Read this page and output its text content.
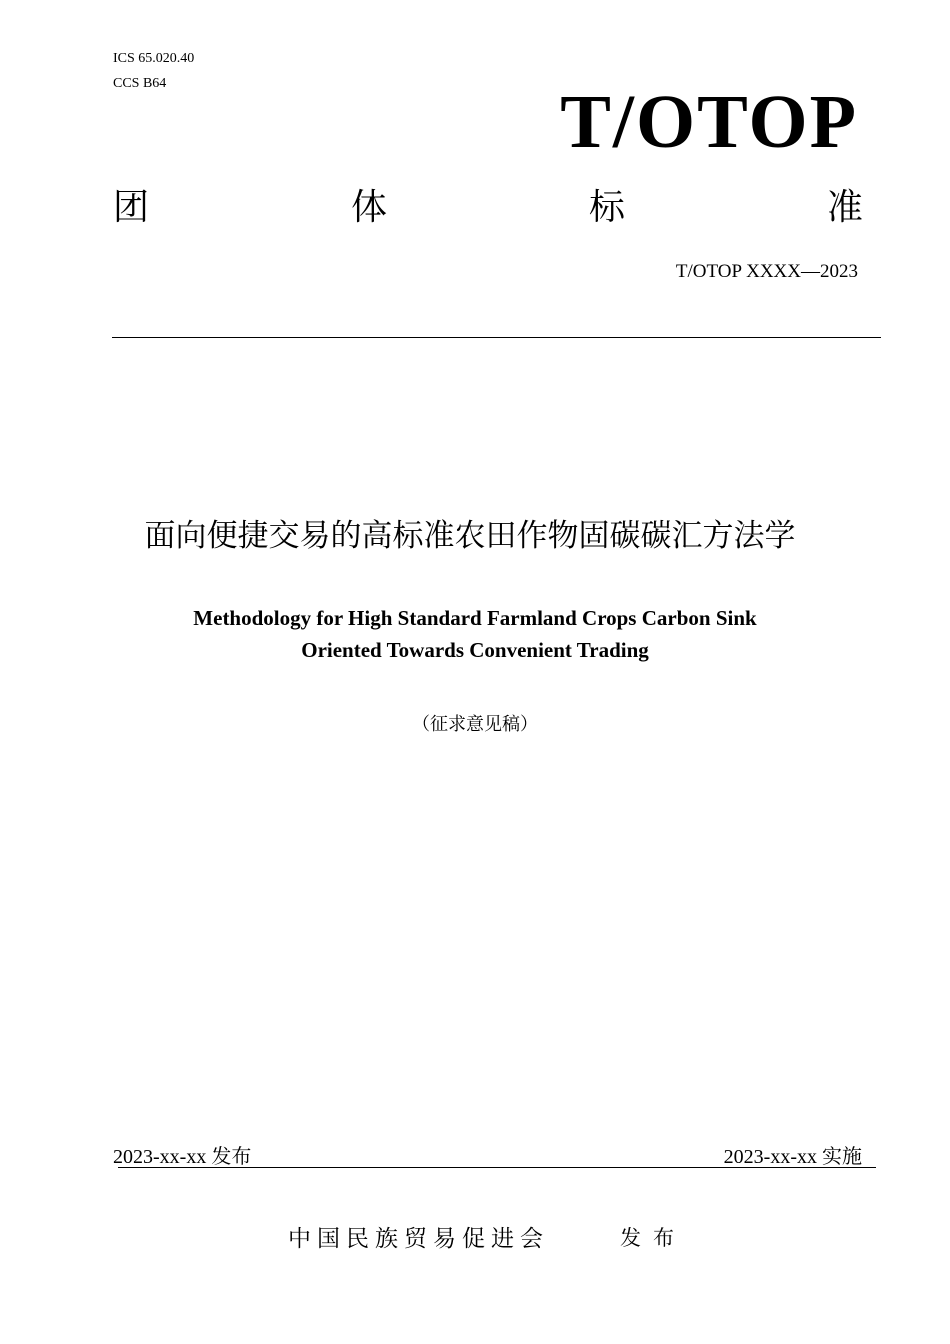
ICS 65.020.40
CCS B64	T/OTOP
团	体	标	准
T/OTOP XXXX—2023
面向便捷交易的高标准农田作物固碳碳汇方法学
Methodology for High Standard Farmland Crops Carbon Sink
Oriented Towards Convenient Trading
（征求意见稿）
2023-xx-xx 发布	2023-xx-xx 实施
中国民族贸易促进会	发布
